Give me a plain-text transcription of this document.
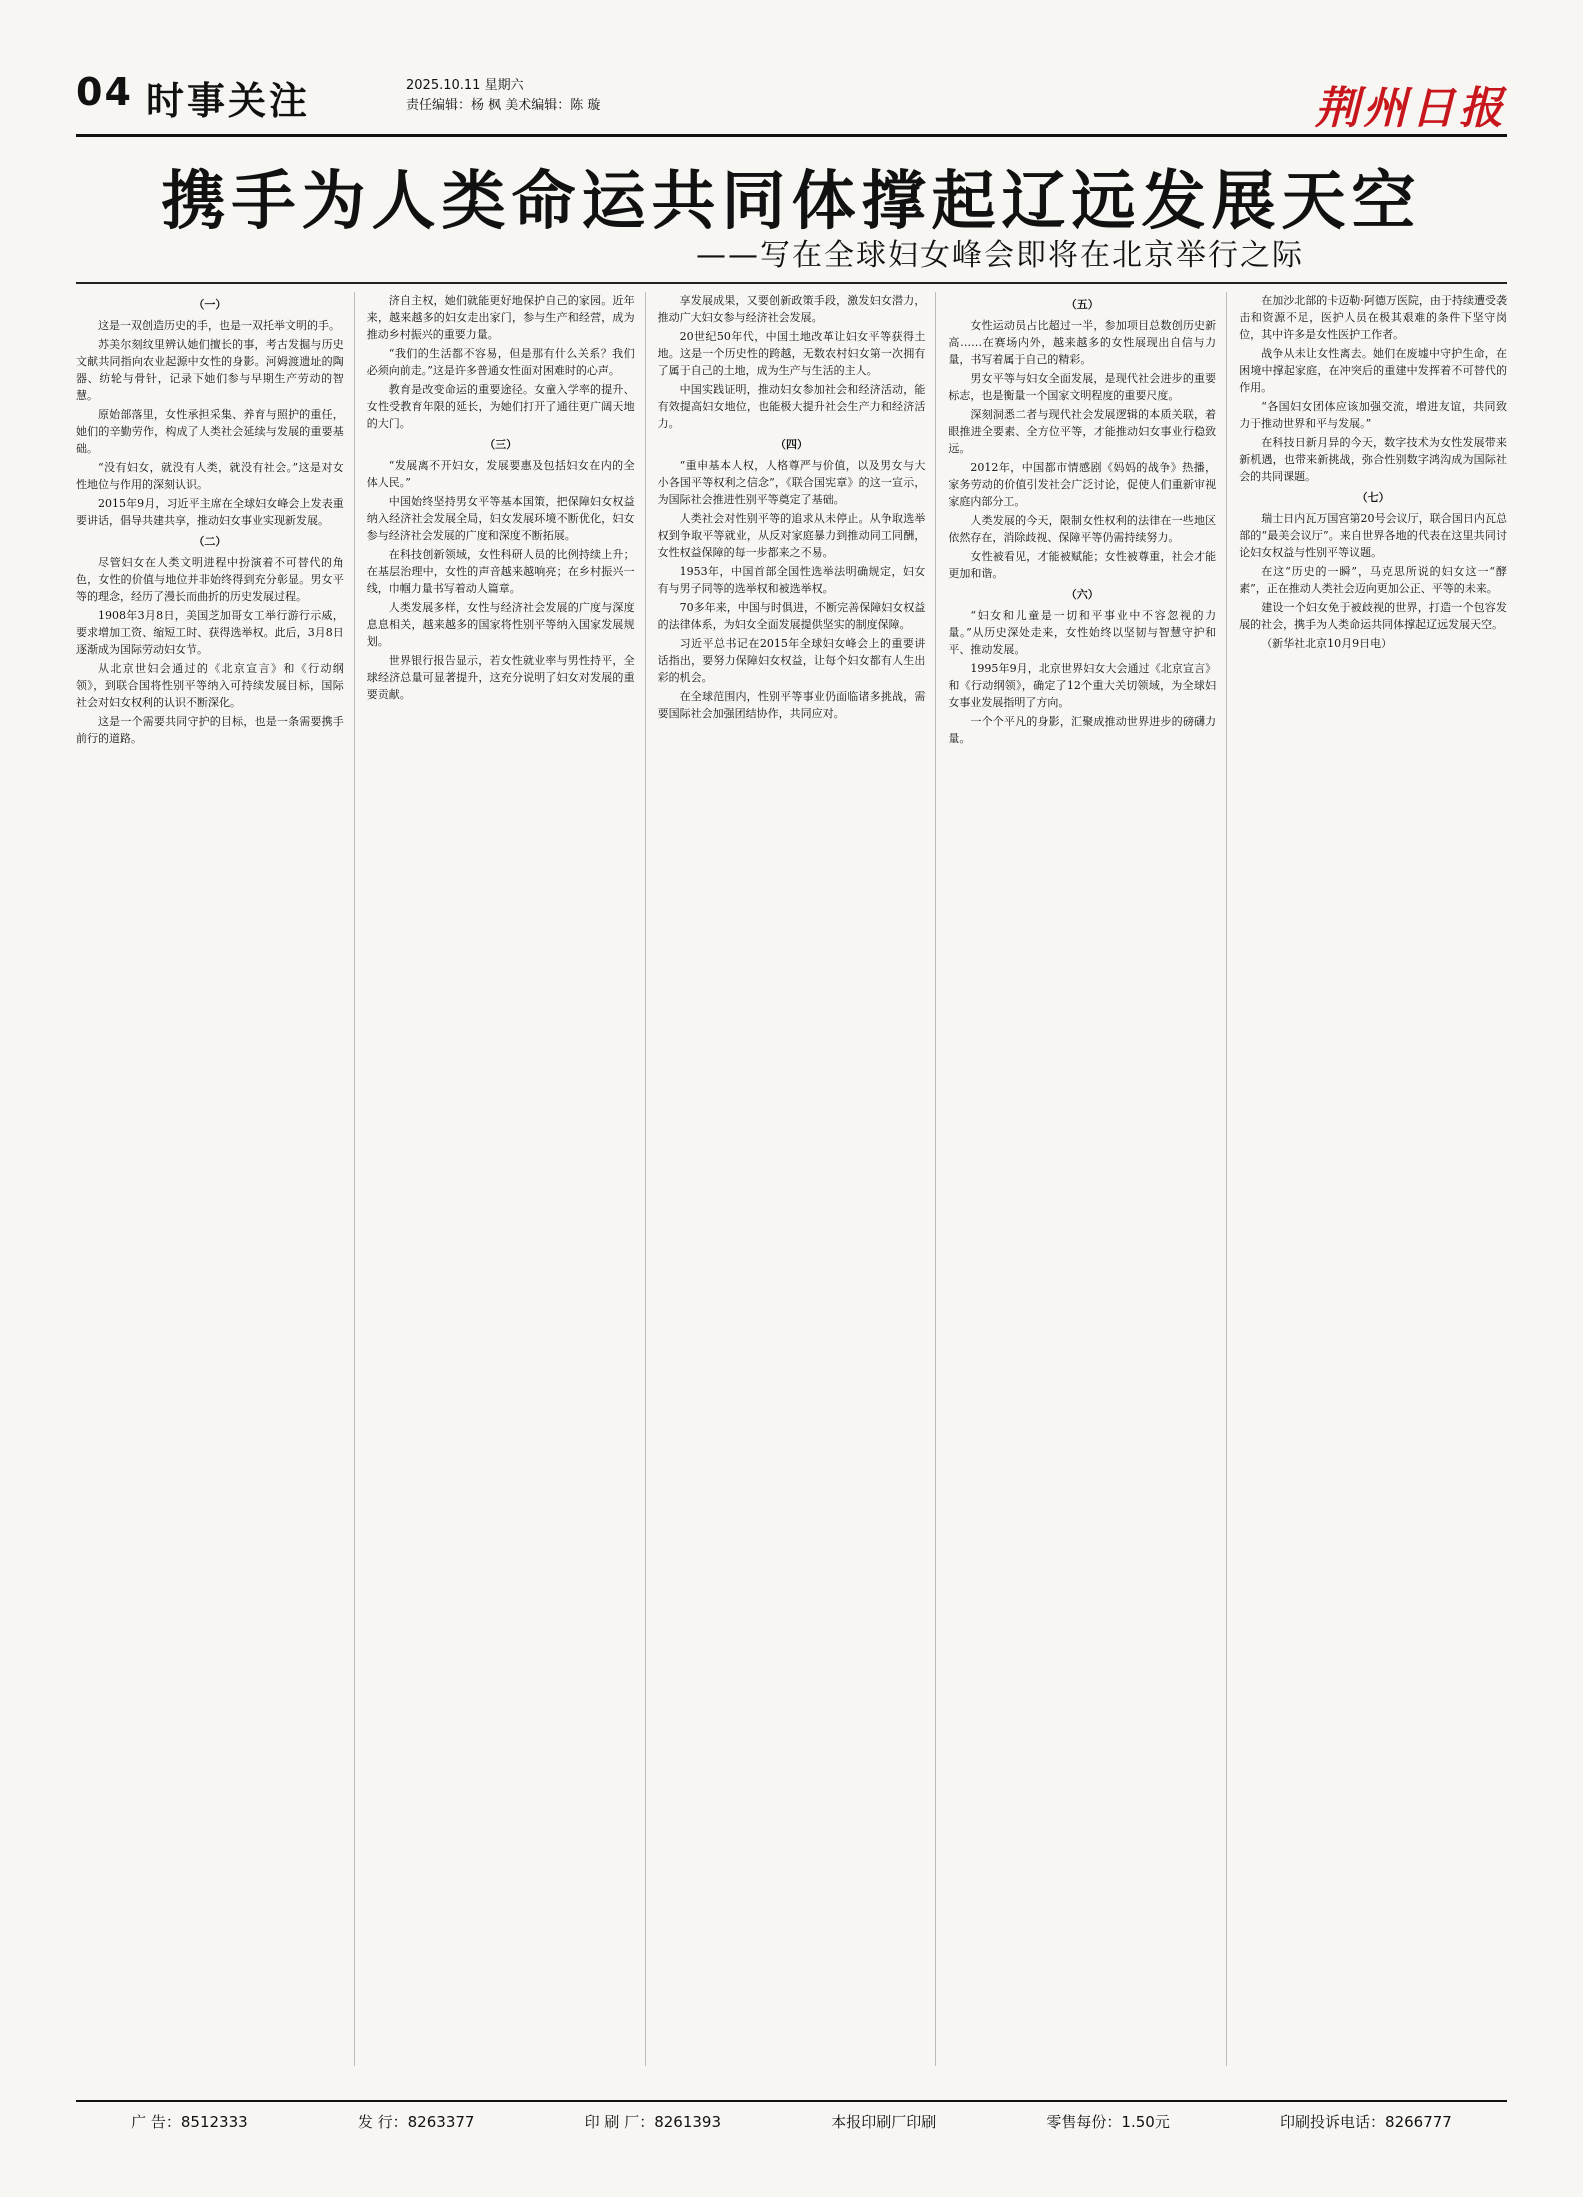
04 时事关注	2025.10.11 星期六
责任编辑：杨 枫 美术编辑：陈 璇	荆州日报
携手为人类命运共同体撑起辽远发展天空
——写在全球妇女峰会即将在北京举行之际
（一）

这是一双创造历史的手，也是一双托举文明的手。

苏美尔刻纹里辨认她们擅长的事，考古发掘与历史文献共同指向农业起源中女性的身影。河姆渡遗址的陶器、纺轮与骨针，记录下她们参与早期生产劳动的智慧。

原始部落里，女性承担采集、养育与照护的重任，她们的辛勤劳作，构成了人类社会延续与发展的重要基础。

“没有妇女，就没有人类，就没有社会。”这是对女性地位与作用的深刻认识。

2015年9月，习近平主席在全球妇女峰会上发表重要讲话，倡导共建共享，推动妇女事业实现新发展。

（二）

尽管妇女在人类文明进程中扮演着不可替代的角色，女性的价值与地位并非始终得到充分彰显。男女平等的理念，经历了漫长而曲折的历史发展过程。

1908年3月8日，美国芝加哥女工举行游行示威，要求增加工资、缩短工时、获得选举权。此后，3月8日逐渐成为国际劳动妇女节。

从北京世妇会通过的《北京宣言》和《行动纲领》，到联合国将性别平等纳入可持续发展目标，国际社会对妇女权利的认识不断深化。

这是一个需要共同守护的目标，也是一条需要携手前行的道路。

济自主权，她们就能更好地保护自己的家园。近年来，越来越多的妇女走出家门，参与生产和经营，成为推动乡村振兴的重要力量。

“我们的生活都不容易，但是那有什么关系？我们必须向前走。”这是许多普通女性面对困难时的心声。

教育是改变命运的重要途径。女童入学率的提升、女性受教育年限的延长，为她们打开了通往更广阔天地的大门。

（三）

“发展离不开妇女，发展要惠及包括妇女在内的全体人民。”

中国始终坚持男女平等基本国策，把保障妇女权益纳入经济社会发展全局，妇女发展环境不断优化，妇女参与经济社会发展的广度和深度不断拓展。

在科技创新领域，女性科研人员的比例持续上升；在基层治理中，女性的声音越来越响亮；在乡村振兴一线，巾帼力量书写着动人篇章。

人类发展多样，女性与经济社会发展的广度与深度息息相关，越来越多的国家将性别平等纳入国家发展规划。

世界银行报告显示，若女性就业率与男性持平，全球经济总量可显著提升，这充分说明了妇女对发展的重要贡献。

享发展成果，又要创新政策手段，激发妇女潜力，推动广大妇女参与经济社会发展。

20世纪50年代，中国土地改革让妇女平等获得土地。这是一个历史性的跨越，无数农村妇女第一次拥有了属于自己的土地，成为生产与生活的主人。

中国实践证明，推动妇女参加社会和经济活动，能有效提高妇女地位，也能极大提升社会生产力和经济活力。

（四）

“重申基本人权，人格尊严与价值，以及男女与大小各国平等权利之信念”，《联合国宪章》的这一宣示，为国际社会推进性别平等奠定了基础。

人类社会对性别平等的追求从未停止。从争取选举权到争取平等就业，从反对家庭暴力到推动同工同酬，女性权益保障的每一步都来之不易。

1953年，中国首部全国性选举法明确规定，妇女有与男子同等的选举权和被选举权。

70多年来，中国与时俱进，不断完善保障妇女权益的法律体系，为妇女全面发展提供坚实的制度保障。

习近平总书记在2015年全球妇女峰会上的重要讲话指出，要努力保障妇女权益，让每个妇女都有人生出彩的机会。

在全球范围内，性别平等事业仍面临诸多挑战，需要国际社会加强团结协作，共同应对。

（五）

女性运动员占比超过一半，参加项目总数创历史新高……在赛场内外，越来越多的女性展现出自信与力量，书写着属于自己的精彩。

男女平等与妇女全面发展，是现代社会进步的重要标志，也是衡量一个国家文明程度的重要尺度。

深刻洞悉二者与现代社会发展逻辑的本质关联，着眼推进全要素、全方位平等，才能推动妇女事业行稳致远。

2012年，中国都市情感剧《妈妈的战争》热播，家务劳动的价值引发社会广泛讨论，促使人们重新审视家庭内部分工。

人类发展的今天，限制女性权利的法律在一些地区依然存在，消除歧视、保障平等仍需持续努力。

女性被看见，才能被赋能；女性被尊重，社会才能更加和谐。

（六）

“妇女和儿童是一切和平事业中不容忽视的力量。”从历史深处走来，女性始终以坚韧与智慧守护和平、推动发展。

1995年9月，北京世界妇女大会通过《北京宣言》和《行动纲领》，确定了12个重大关切领域，为全球妇女事业发展指明了方向。

一个个平凡的身影，汇聚成推动世界进步的磅礴力量。

在加沙北部的卡迈勒·阿德万医院，由于持续遭受袭击和资源不足，医护人员在极其艰难的条件下坚守岗位，其中许多是女性医护工作者。

战争从未让女性离去。她们在废墟中守护生命，在困境中撑起家庭，在冲突后的重建中发挥着不可替代的作用。

“各国妇女团体应该加强交流，增进友谊，共同致力于推动世界和平与发展。”

在科技日新月异的今天，数字技术为女性发展带来新机遇，也带来新挑战，弥合性别数字鸿沟成为国际社会的共同课题。

（七）

瑞士日内瓦万国宫第20号会议厅，联合国日内瓦总部的“最美会议厅”。来自世界各地的代表在这里共同讨论妇女权益与性别平等议题。

在这“历史的一瞬”，马克思所说的妇女这一“酵素”，正在推动人类社会迈向更加公正、平等的未来。

建设一个妇女免于被歧视的世界，打造一个包容发展的社会，携手为人类命运共同体撑起辽远发展天空。

（新华社北京10月9日电）

广 告：8512333	发 行：8263377	印 刷 厂：8261393	本报印刷厂印刷	零售每份：1.50元	印刷投诉电话：8266777
